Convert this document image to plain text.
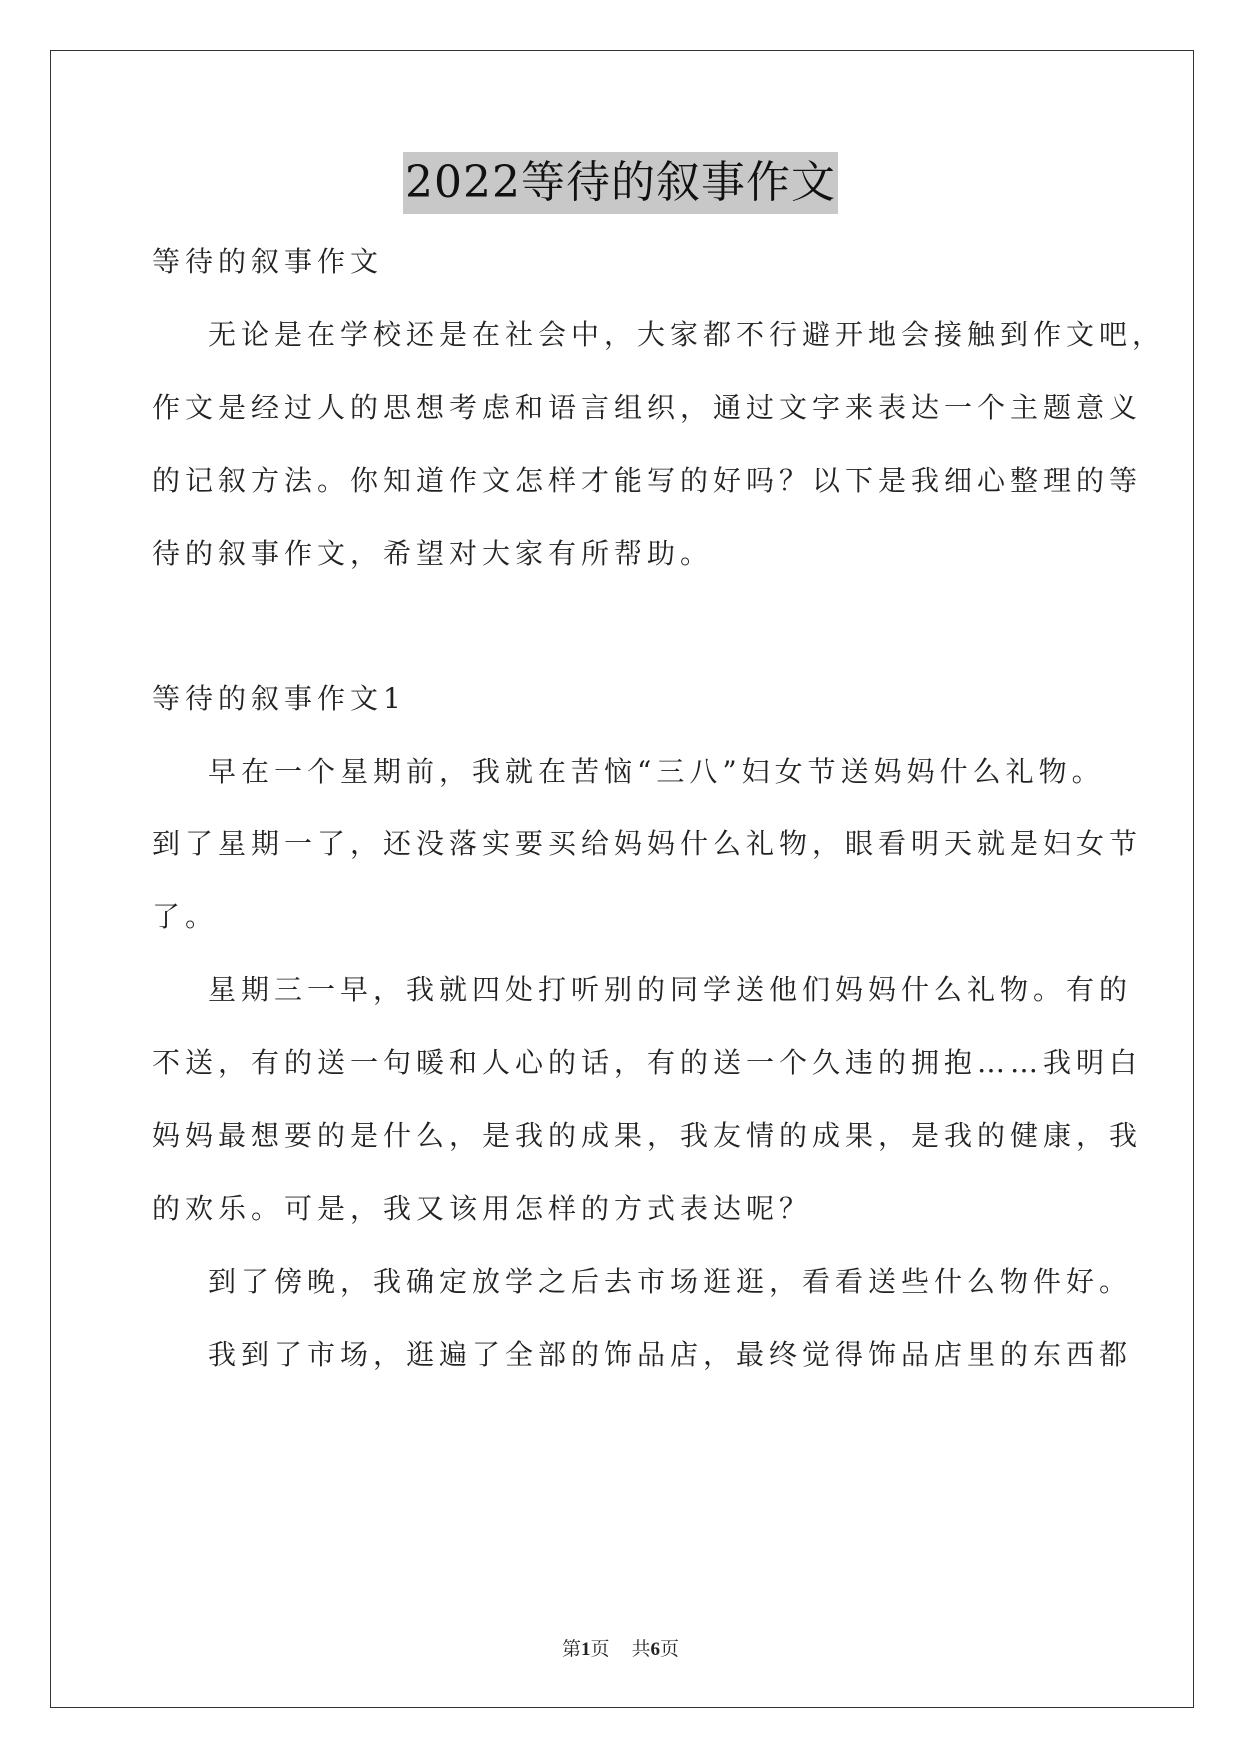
2022等待的叙事作文
等待的叙事作文
无论是在学校还是在社会中，大家都不行避开地会接触到作文吧，
作文是经过人的思想考虑和语言组织，通过文字来表达一个主题意义
的记叙方法。你知道作文怎样才能写的好吗？以下是我细心整理的等
待的叙事作文，希望对大家有所帮助。
等待的叙事作文1
早在一个星期前，我就在苦恼“三八”妇女节送妈妈什么礼物。
到了星期一了，还没落实要买给妈妈什么礼物，眼看明天就是妇女节
了。
星期三一早，我就四处打听别的同学送他们妈妈什么礼物。有的
不送，有的送一句暖和人心的话，有的送一个久违的拥抱……我明白
妈妈最想要的是什么，是我的成果，我友情的成果，是我的健康，我
的欢乐。可是，我又该用怎样的方式表达呢？
到了傍晚，我确定放学之后去市场逛逛，看看送些什么物件好。
我到了市场，逛遍了全部的饰品店，最终觉得饰品店里的东西都
第1页 共6页
